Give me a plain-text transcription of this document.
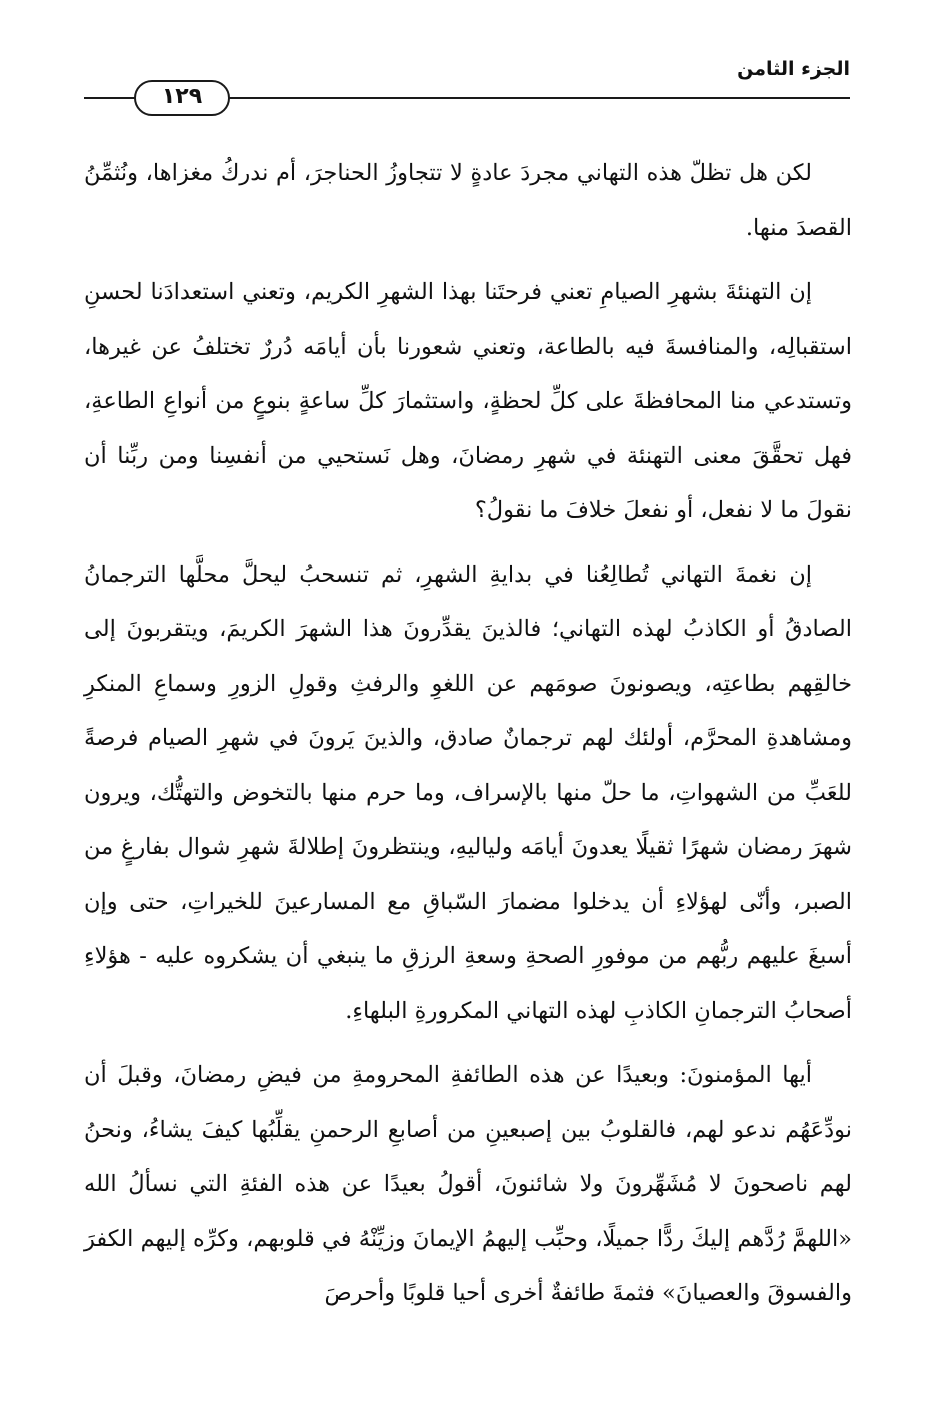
الجزء الثامن
١٢٩

لكن هل تظلّ هذه التهاني مجردَ عادةٍ لا تتجاوزُ الحناجرَ، أم ندركُ مغزاها، ونُثمِّنُ القصدَ منها.

إن التهنئةَ بشهرِ الصيامِ تعني فرحتَنا بهذا الشهرِ الكريم، وتعني استعدادَنا لحسنِ استقبالِه، والمنافسةَ فيه بالطاعة، وتعني شعورنا بأن أيامَه دُررٌ تختلفُ عن غيرها، وتستدعي منا المحافظةَ على كلِّ لحظةٍ، واستثمارَ كلِّ ساعةٍ بنوعٍ من أنواعِ الطاعةِ، فهل تحقَّقَ معنى التهنئة في شهرِ رمضانَ، وهل نَستحيي من أنفسِنا ومن ربِّنا أن نقولَ ما لا نفعل، أو نفعلَ خلافَ ما نقولُ؟

إن نغمةَ التهاني تُطالِعُنا في بدايةِ الشهرِ، ثم تنسحبُ ليحلَّ محلَّها الترجمانُ الصادقُ أو الكاذبُ لهذه التهاني؛ فالذينَ يقدِّرونَ هذا الشهرَ الكريمَ، ويتقربونَ إلى خالقِهم بطاعتِه، ويصونونَ صومَهم عن اللغوِ والرفثِ وقولِ الزورِ وسماعِ المنكرِ ومشاهدةِ المحرَّم، أولئك لهم ترجمانٌ صادق، والذينَ يَرونَ في شهرِ الصيام فرصةً للعَبِّ من الشهواتِ، ما حلّ منها بالإسراف، وما حرم منها بالتخوض والتهتُّك، ويرون شهرَ رمضان شهرًا ثقيلًا يعدونَ أيامَه ولياليهِ، وينتظرونَ إطلالةَ شهرِ شوال بفارغٍ من الصبر، وأنّى لهؤلاءِ أن يدخلوا مضمارَ السّباقِ مع المسارعينَ للخيراتِ، حتى وإن أسبغَ عليهم ربُّهم من موفورِ الصحةِ وسعةِ الرزقِ ما ينبغي أن يشكروه عليه - هؤلاءِ أصحابُ الترجمانِ الكاذبِ لهذه التهاني المكرورةِ البلهاءِ.

أيها المؤمنونَ: وبعيدًا عن هذه الطائفةِ المحرومةِ من فيضِ رمضانَ، وقبلَ أن نودِّعَهُم ندعو لهم، فالقلوبُ بين إصبعينِ من أصابعِ الرحمنِ يقلِّبُها كيفَ يشاءُ، ونحنُ لهم ناصحونَ لا مُشَهِّرونَ ولا شائنونَ، أقولُ بعيدًا عن هذه الفئةِ التي نسألُ الله «اللهمَّ رُدَّهم إليكَ ردًّا جميلًا، وحبِّب إليهمُ الإيمانَ وزيِّنْهُ في قلوبهم، وكرِّه إليهم الكفرَ والفسوقَ والعصيانَ» فثمةَ طائفةٌ أخرى أحيا قلوبًا وأحرصَ
